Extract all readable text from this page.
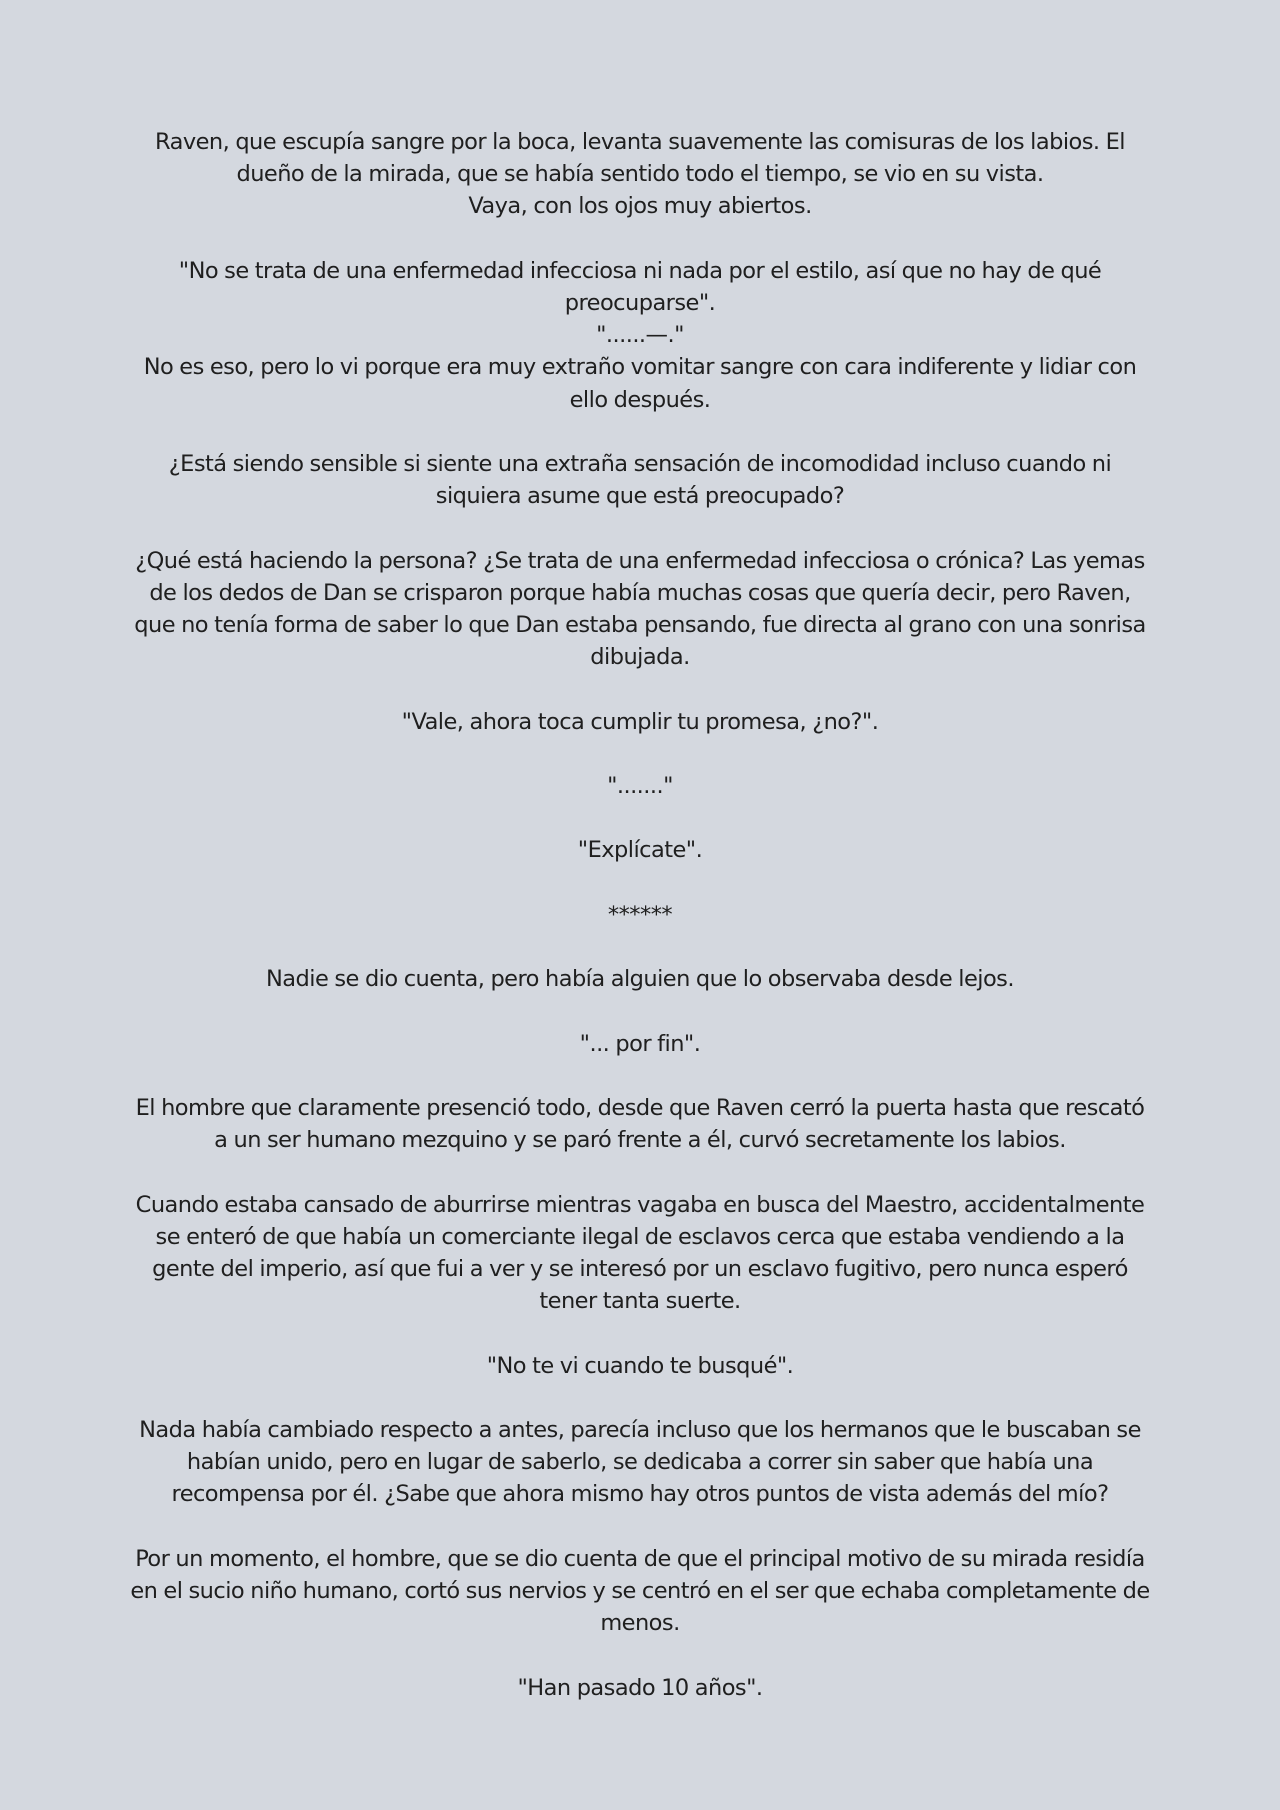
Raven, que escupía sangre por la boca, levanta suavemente las comisuras de los labios. El

dueño de la mirada, que se había sentido todo el tiempo, se vio en su vista.

Vaya, con los ojos muy abiertos.

"No se trata de una enfermedad infecciosa ni nada por el estilo, así que no hay de qué

preocuparse".

"......—."

No es eso, pero lo vi porque era muy extraño vomitar sangre con cara indiferente y lidiar con

ello después.

¿Está siendo sensible si siente una extraña sensación de incomodidad incluso cuando ni

siquiera asume que está preocupado?

¿Qué está haciendo la persona? ¿Se trata de una enfermedad infecciosa o crónica? Las yemas

de los dedos de Dan se crisparon porque había muchas cosas que quería decir, pero Raven,

que no tenía forma de saber lo que Dan estaba pensando, fue directa al grano con una sonrisa

dibujada.

"Vale, ahora toca cumplir tu promesa, ¿no?".

"......."

"Explícate".

******

Nadie se dio cuenta, pero había alguien que lo observaba desde lejos.

"... por fin".

El hombre que claramente presenció todo, desde que Raven cerró la puerta hasta que rescató

a un ser humano mezquino y se paró frente a él, curvó secretamente los labios.

Cuando estaba cansado de aburrirse mientras vagaba en busca del Maestro, accidentalmente

se enteró de que había un comerciante ilegal de esclavos cerca que estaba vendiendo a la

gente del imperio, así que fui a ver y se interesó por un esclavo fugitivo, pero nunca esperó

tener tanta suerte.

"No te vi cuando te busqué".

Nada había cambiado respecto a antes, parecía incluso que los hermanos que le buscaban se

habían unido, pero en lugar de saberlo, se dedicaba a correr sin saber que había una

recompensa por él. ¿Sabe que ahora mismo hay otros puntos de vista además del mío?

Por un momento, el hombre, que se dio cuenta de que el principal motivo de su mirada residía

en el sucio niño humano, cortó sus nervios y se centró en el ser que echaba completamente de

menos.

"Han pasado 10 años".
